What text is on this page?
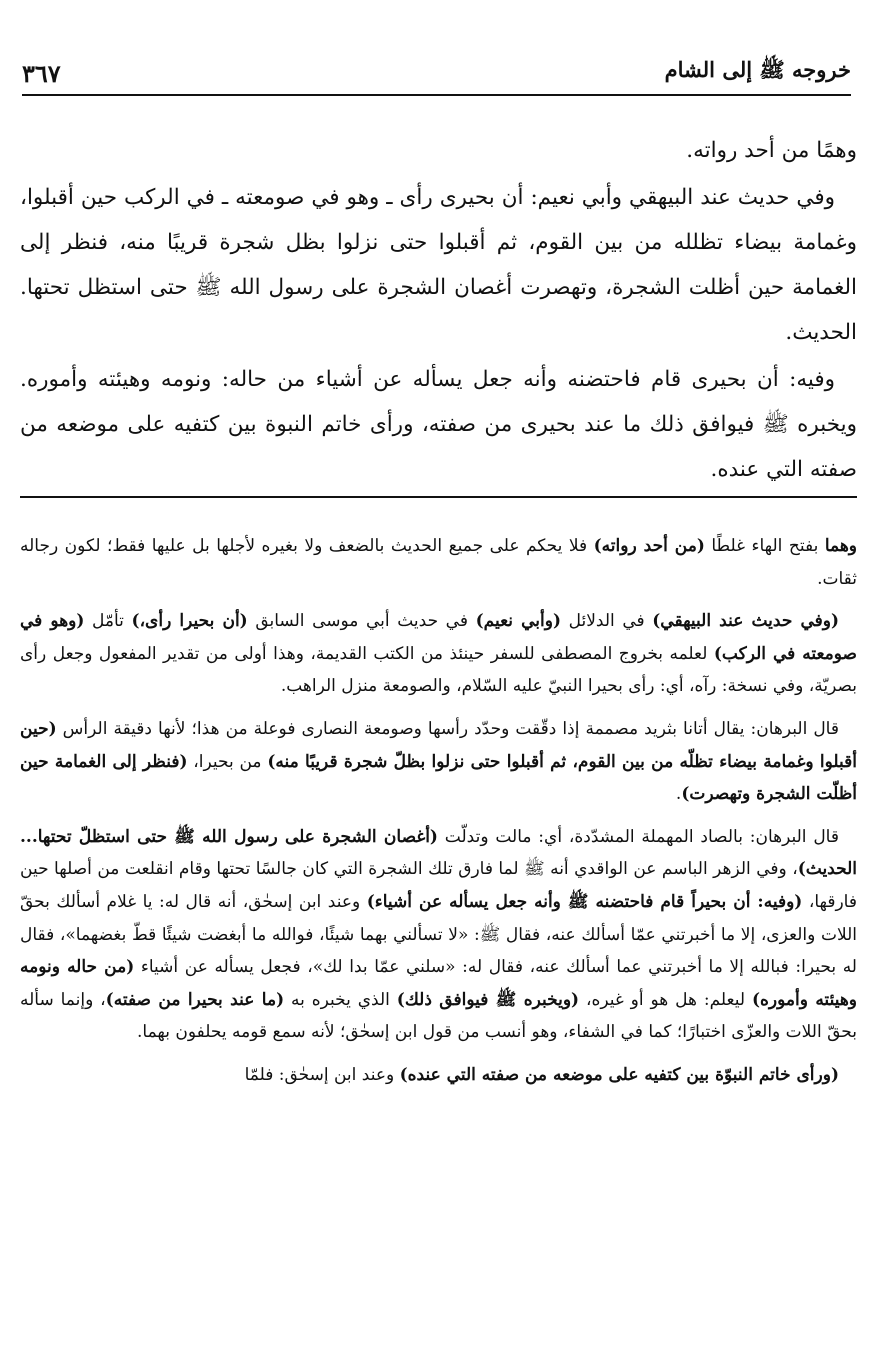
خروجه ﷺ إلى الشام
٣٦٧

وهمًا من أحد رواته.

وفي حديث عند البيهقي وأبي نعيم: أن بحيرى رأى ـ وهو في صومعته ـ في الركب حين أقبلوا، وغمامة بيضاء تظلله من بين القوم، ثم أقبلوا حتى نزلوا بظل شجرة قريبًا منه، فنظر إلى الغمامة حين أظلت الشجرة، وتهصرت أغصان الشجرة على رسول الله ﷺ حتى استظل تحتها. الحديث.

وفيه: أن بحيرى قام فاحتضنه وأنه جعل يسأله عن أشياء من حاله: ونومه وهيئته وأموره. ويخبره ﷺ فيوافق ذلك ما عند بحيرى من صفته، ورأى خاتم النبوة بين كتفيه على موضعه من صفته التي عنده.

وهما بفتح الهاء غلطًا (من أحد رواته) فلا يحكم على جميع الحديث بالضعف ولا بغيره لأجلها بل عليها فقط؛ لكون رجاله ثقات.

(وفي حديث عند البيهقي) في الدلائل (وأبي نعيم) في حديث أبي موسى السابق (أن بحيرا رأى،) تأمّل (وهو في صومعته في الركب) لعلمه بخروج المصطفى للسفر حينئذ من الكتب القديمة، وهذا أولى من تقدير المفعول وجعل رأى بصريّة، وفي نسخة: رآه، أي: رأى بحيرا النبيّ عليه السّلام، والصومعة منزل الراهب.

قال البرهان: يقال أتانا بثريد مصممة إذا دقّقت وحدّد رأسها وصومعة النصارى فوعلة من هذا؛ لأنها دقيقة الرأس (حين أقبلوا وغمامة بيضاء تظلّه من بين القوم، ثم أقبلوا حتى نزلوا بظلّ شجرة قريبًا منه) من بحيرا، (فنظر إلى الغمامة حين أظلّت الشجرة وتهصرت).

قال البرهان: بالصاد المهملة المشدّدة، أي: مالت وتدلّت (أغصان الشجرة على رسول الله ﷺ حتى استظلّ تحتها... الحديث)، وفي الزهر الباسم عن الواقدي أنه ﷺ لما فارق تلك الشجرة التي كان جالسًا تحتها وقام انقلعت من أصلها حين فارقها، (وفيه: أن بحيراً قام فاحتضنه ﷺ وأنه جعل يسأله عن أشياء) وعند ابن إسحٰق، أنه قال له: يا غلام أسألك بحقّ اللات والعزى، إلا ما أخبرتني عمّا أسألك عنه، فقال ﷺ: «لا تسألني بهما شيئًا، فوالله ما أبغضت شيئًا قطّ بغضهما»، فقال له بحيرا: فبالله إلا ما أخبرتني عما أسألك عنه، فقال له: «سلني عمّا بدا لك»، فجعل يسأله عن أشياء (من حاله ونومه وهيئته وأموره) ليعلم: هل هو أو غيره، (ويخبره ﷺ فيوافق ذلك) الذي يخبره به (ما عند بحيرا من صفته)، وإنما سأله بحقّ اللات والعزّى اختبارًا؛ كما في الشفاء، وهو أنسب من قول ابن إسحٰق؛ لأنه سمع قومه يحلفون بهما.

(ورأى خاتم النبوّة بين كتفيه على موضعه من صفته التي عنده) وعند ابن إسحٰق: فلمّا
